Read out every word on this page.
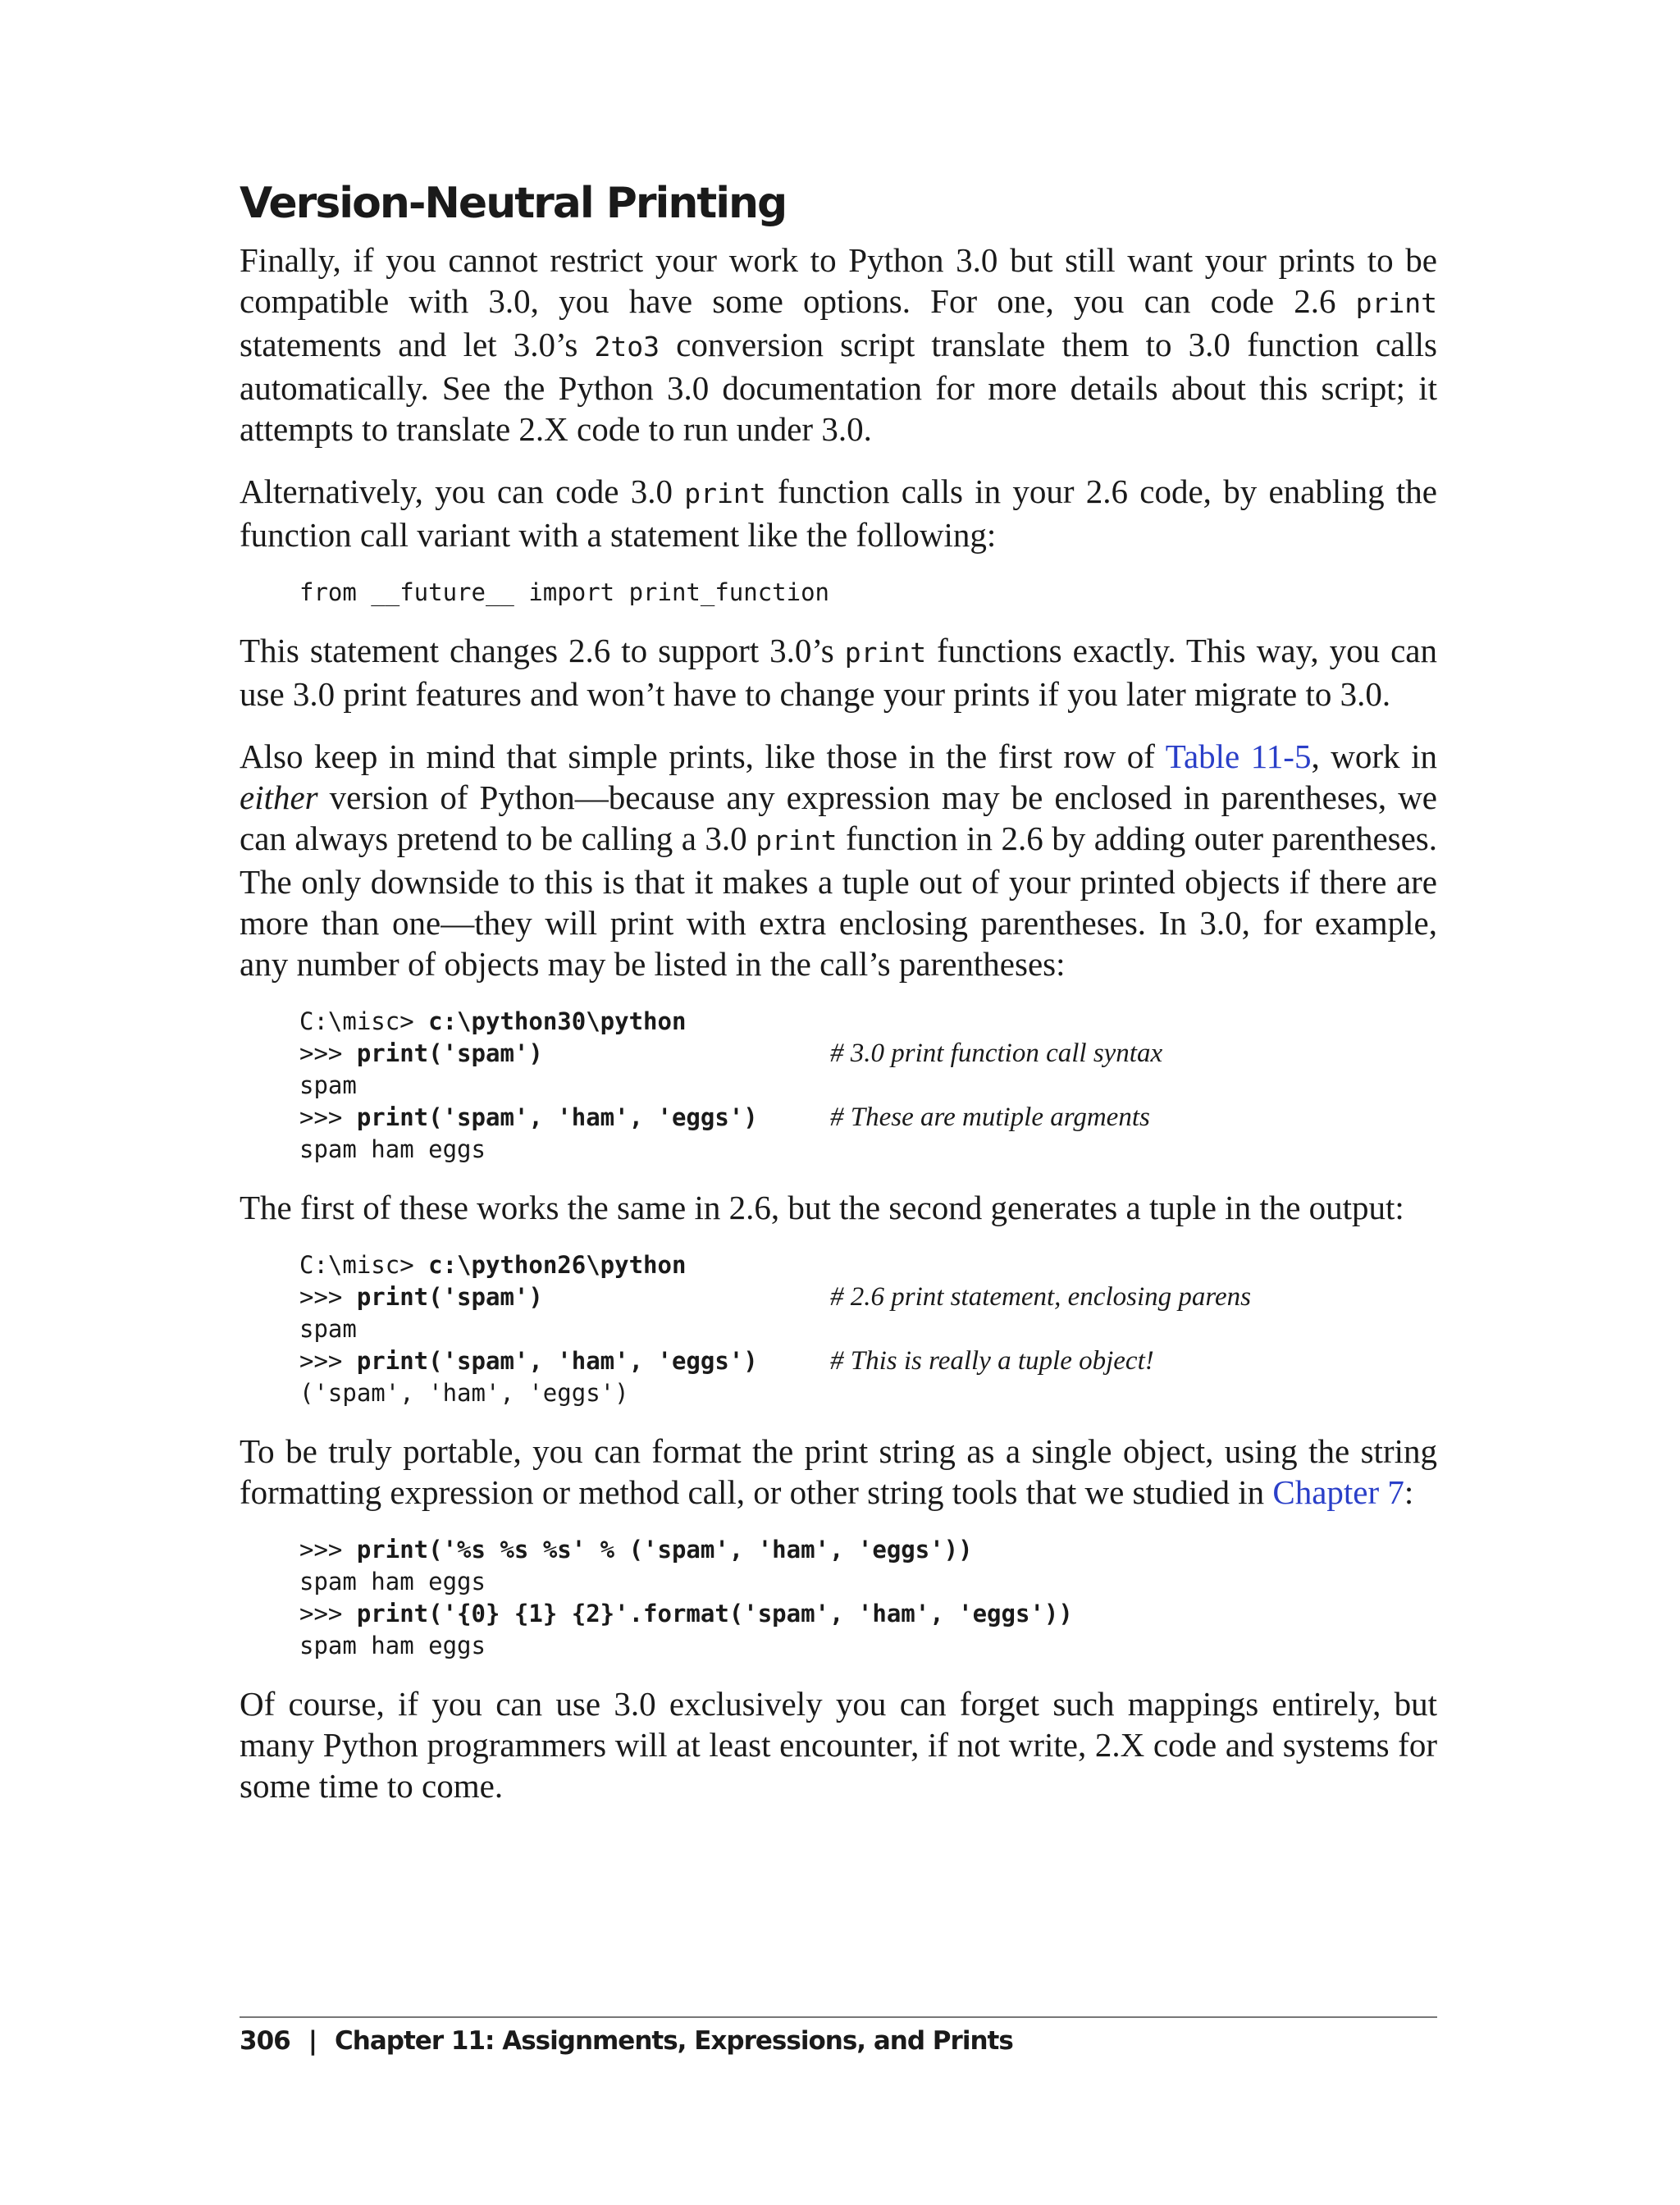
Version-Neutral Printing

Finally, if you cannot restrict your work to Python 3.0 but still want your prints to be compatible with 3.0, you have some options. For one, you can code 2.6 print statements and let 3.0’s 2to3 conversion script translate them to 3.0 function calls automatically. See the Python 3.0 documentation for more details about this script; it attempts to translate 2.X code to run under 3.0.

Alternatively, you can code 3.0 print function calls in your 2.6 code, by enabling the function call variant with a statement like the following:

from __future__ import print_function

This statement changes 2.6 to support 3.0’s print functions exactly. This way, you can use 3.0 print features and won’t have to change your prints if you later migrate to 3.0.

Also keep in mind that simple prints, like those in the first row of Table 11-5, work in either version of Python—because any expression may be enclosed in parentheses, we can always pretend to be calling a 3.0 print function in 2.6 by adding outer parentheses. The only downside to this is that it makes a tuple out of your printed objects if there are more than one—they will print with extra enclosing parentheses. In 3.0, for example, any number of objects may be listed in the call’s parentheses:

C:\misc> c:\python30\python
>>> print('spam')	# 3.0 print function call syntax
spam
>>> print('spam', 'ham', 'eggs')	# These are mutiple argments
spam ham eggs

The first of these works the same in 2.6, but the second generates a tuple in the output:

C:\misc> c:\python26\python
>>> print('spam')	# 2.6 print statement, enclosing parens
spam
>>> print('spam', 'ham', 'eggs')	# This is really a tuple object!
('spam', 'ham', 'eggs')

To be truly portable, you can format the print string as a single object, using the string formatting expression or method call, or other string tools that we studied in Chapter 7:

>>> print('%s %s %s' % ('spam', 'ham', 'eggs'))
spam ham eggs
>>> print('{0} {1} {2}'.format('spam', 'ham', 'eggs'))
spam ham eggs

Of course, if you can use 3.0 exclusively you can forget such mappings entirely, but many Python programmers will at least encounter, if not write, 2.X code and systems for some time to come.

306 | Chapter 11: Assignments, Expressions, and Prints
